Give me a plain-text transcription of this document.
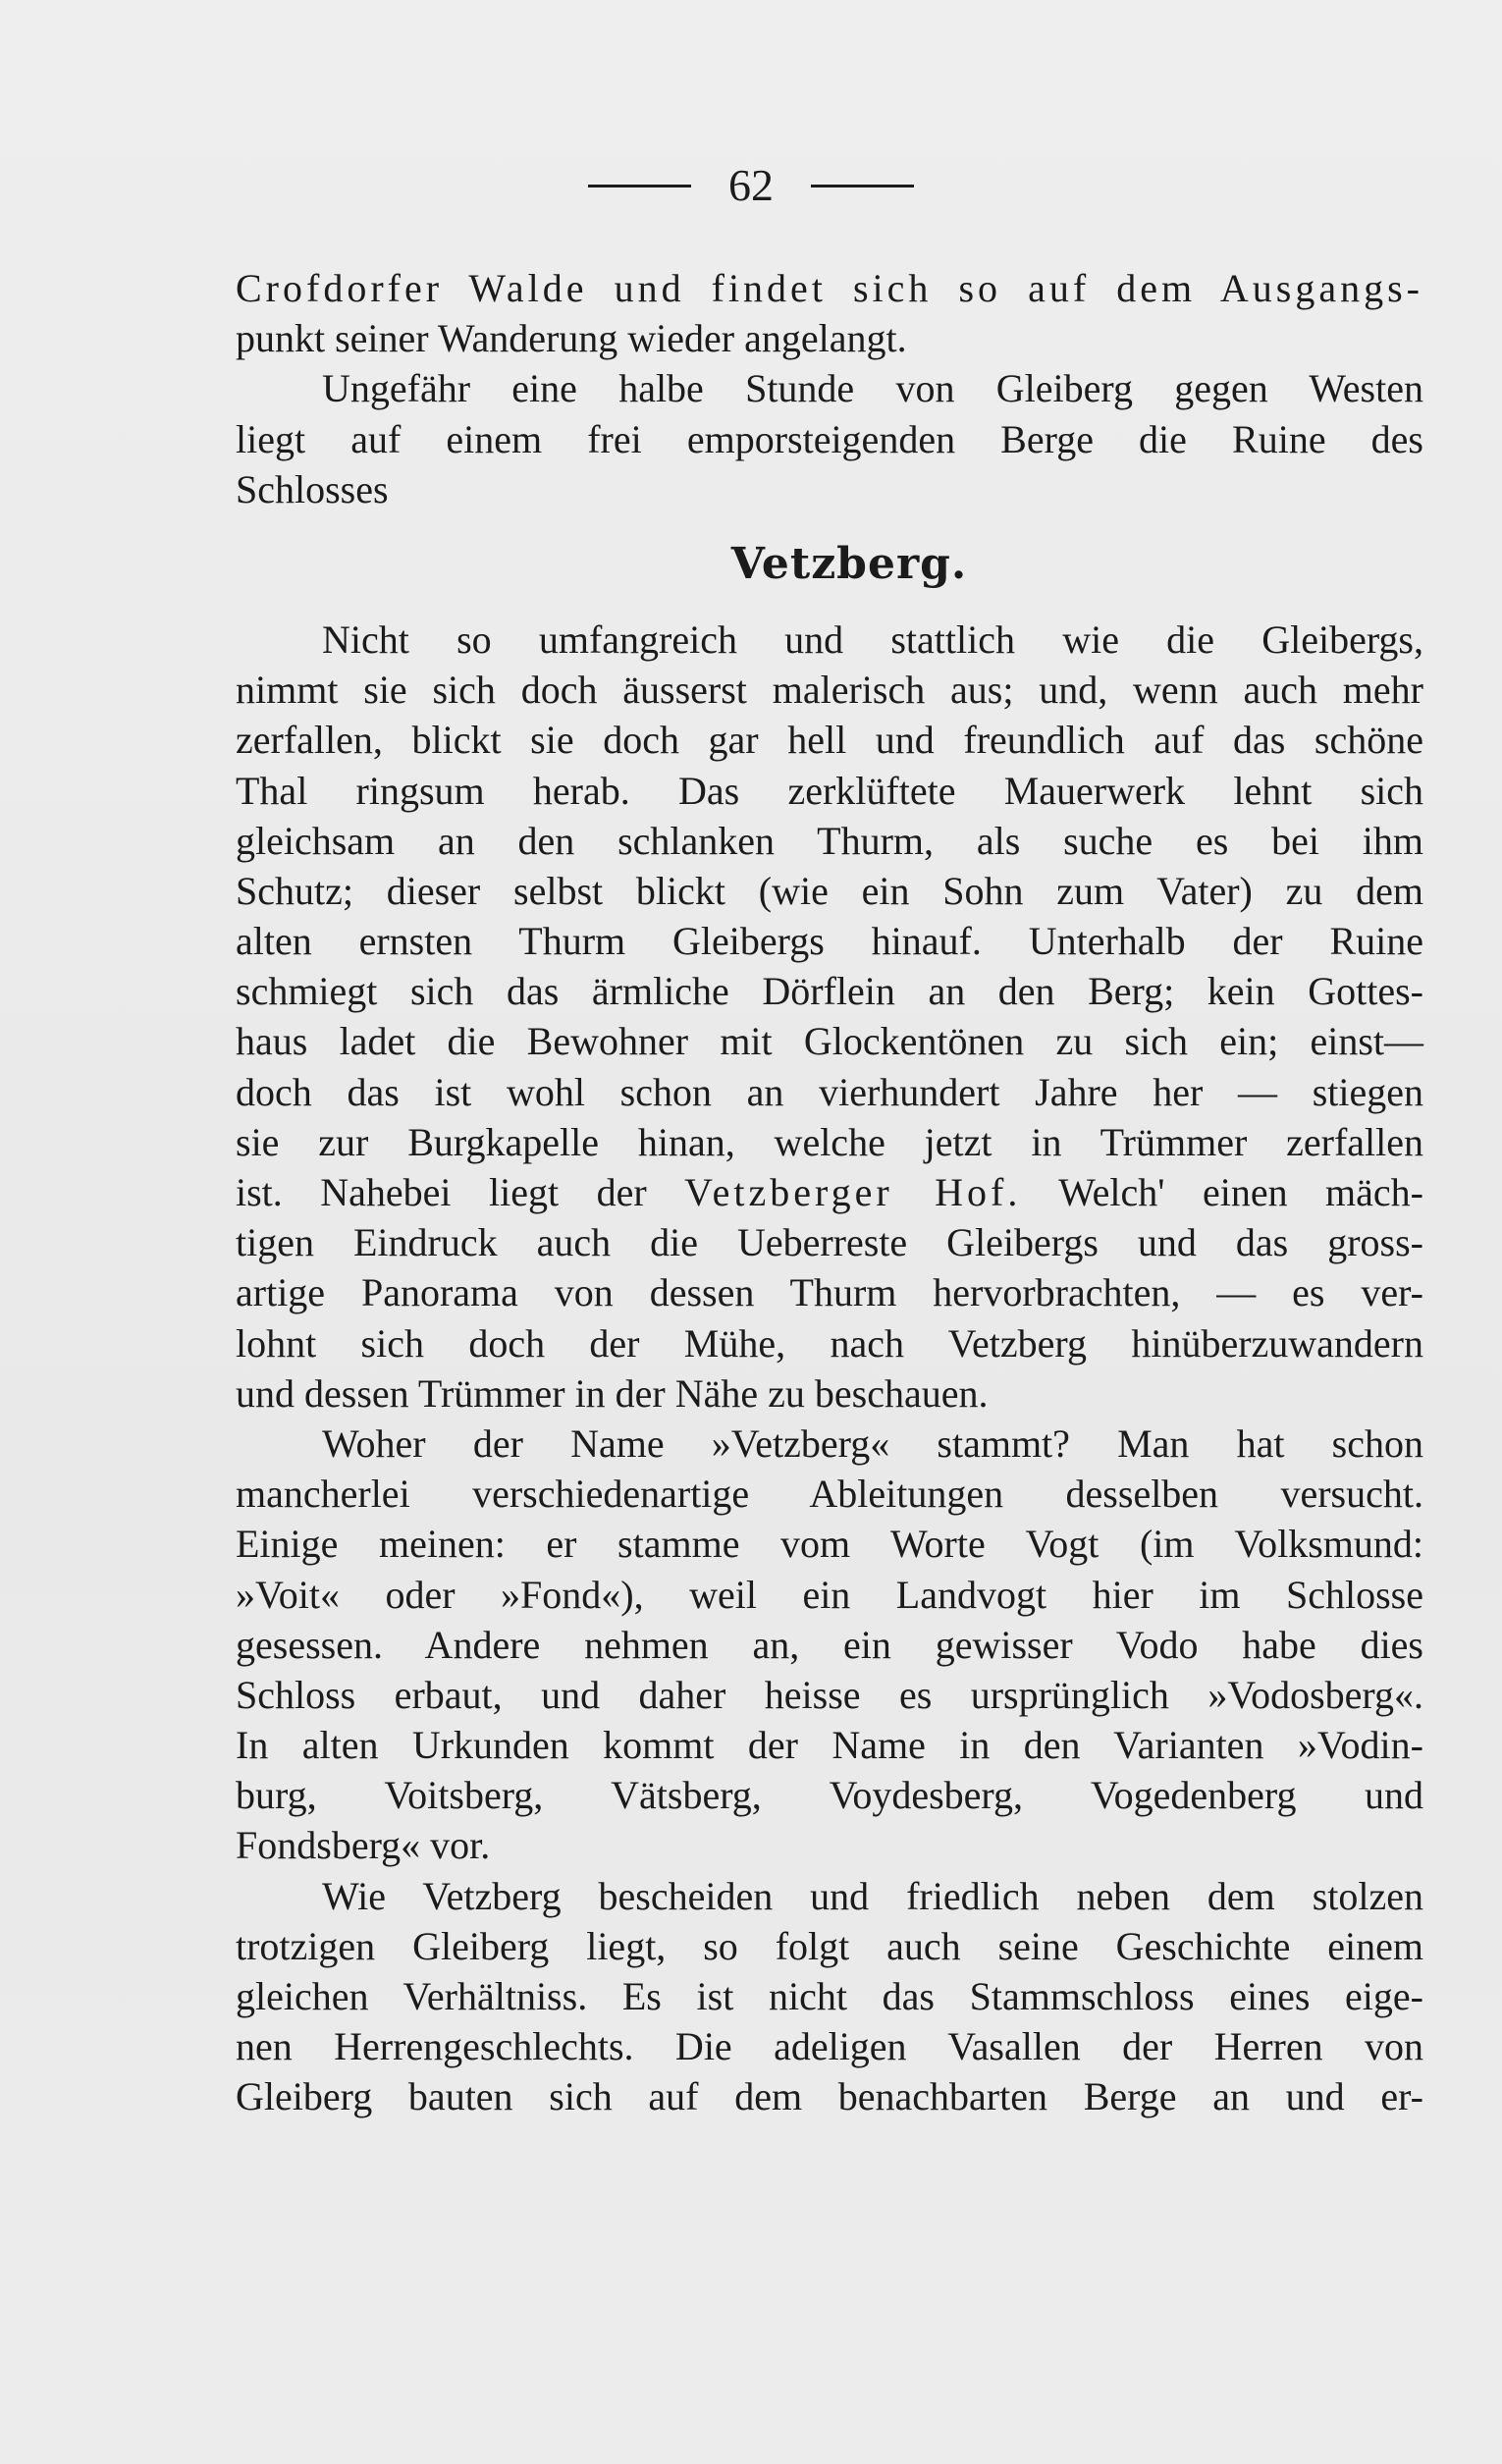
62
Crofdorfer Walde und findet sich so auf dem Ausgangs-
punkt seiner Wanderung wieder angelangt.
Ungefähr eine halbe Stunde von Gleiberg gegen Westen
liegt auf einem frei emporsteigenden Berge die Ruine des
Schlosses
Vetzberg.
Nicht so umfangreich und stattlich wie die Gleibergs,
nimmt sie sich doch äusserst malerisch aus; und, wenn auch mehr
zerfallen, blickt sie doch gar hell und freundlich auf das schöne
Thal ringsum herab. Das zerklüftete Mauerwerk lehnt sich
gleichsam an den schlanken Thurm, als suche es bei ihm
Schutz; dieser selbst blickt (wie ein Sohn zum Vater) zu dem
alten ernsten Thurm Gleibergs hinauf. Unterhalb der Ruine
schmiegt sich das ärmliche Dörflein an den Berg; kein Gottes-
haus ladet die Bewohner mit Glockentönen zu sich ein; einst—
doch das ist wohl schon an vierhundert Jahre her — stiegen
sie zur Burgkapelle hinan, welche jetzt in Trümmer zerfallen
ist. Nahebei liegt der Vetzberger Hof. Welch' einen mäch-
tigen Eindruck auch die Ueberreste Gleibergs und das gross-
artige Panorama von dessen Thurm hervorbrachten, — es ver-
lohnt sich doch der Mühe, nach Vetzberg hinüberzuwandern
und dessen Trümmer in der Nähe zu beschauen.
Woher der Name »Vetzberg« stammt? Man hat schon
mancherlei verschiedenartige Ableitungen desselben versucht.
Einige meinen: er stamme vom Worte Vogt (im Volksmund:
»Voit« oder »Fond«), weil ein Landvogt hier im Schlosse
gesessen. Andere nehmen an, ein gewisser Vodo habe dies
Schloss erbaut, und daher heisse es ursprünglich »Vodosberg«.
In alten Urkunden kommt der Name in den Varianten »Vodin-
burg, Voitsberg, Vätsberg, Voydesberg, Vogedenberg und
Fondsberg« vor.
Wie Vetzberg bescheiden und friedlich neben dem stolzen
trotzigen Gleiberg liegt, so folgt auch seine Geschichte einem
gleichen Verhältniss. Es ist nicht das Stammschloss eines eige-
nen Herrengeschlechts. Die adeligen Vasallen der Herren von
Gleiberg bauten sich auf dem benachbarten Berge an und er-
